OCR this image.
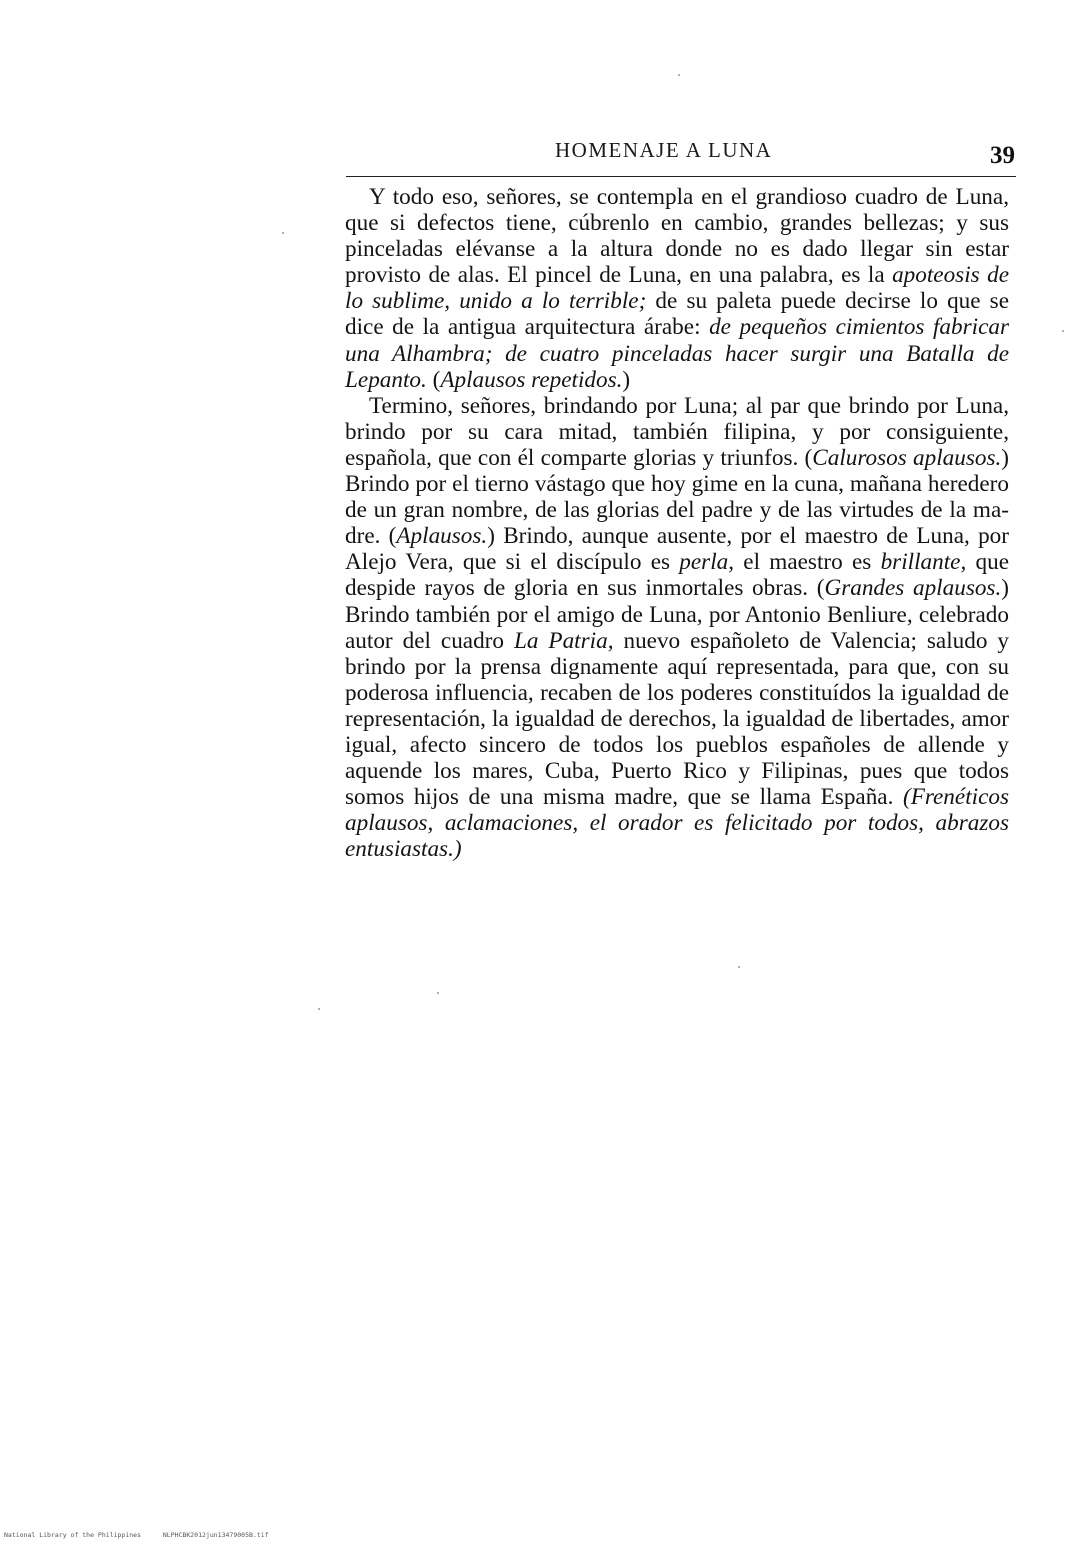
HOMENAJE A LUNA	39

Y todo eso, señores, se contempla en el grandioso cuadro de Luna, que si defectos tiene, cúbrenlo en cambio, grandes bellezas; y sus pinceladas elévanse a la altura donde no es dado llegar sin estar provisto de alas. El pincel de Luna, en una palabra, es la apoteosis de lo sublime, unido a lo terrible; de su paleta puede decirse lo que se dice de la antigua arquitectura árabe: de pequeños cimientos fabricar una Alhambra; de cuatro pinceladas hacer surgir una Batalla de Lepanto. (Aplausos repetidos.)

Termino, señores, brindando por Luna; al par que brindo por Luna, brindo por su cara mitad, también filipina, y por consiguiente, española, que con él comparte glorias y triunfos. (Calurosos aplausos.) Brindo por el tierno vástago que hoy gime en la cuna, mañana heredero de un gran nombre, de las glorias del padre y de las virtudes de la madre. (Aplausos.) Brindo, aunque ausente, por el maestro de Luna, por Alejo Vera, que si el discípulo es perla, el maestro es brillante, que despide rayos de gloria en sus inmortales obras. (Grandes aplausos.) Brindo también por el amigo de Luna, por Antonio Benliure, celebrado autor del cuadro La Patria, nuevo españoleto de Valencia; saludo y brindo por la prensa dignamente aquí representada, para que, con su poderosa influencia, recaben de los poderes constituídos la igualdad de representación, la igualdad de derechos, la igualdad de libertades, amor igual, afecto sincero de todos los pueblos españoles de allende y aquende los mares, Cuba, Puerto Rico y Filipinas, pues que todos somos hijos de una misma madre, que se llama España. (Frenéticos aplausos, aclamaciones, el orador es felicitado por todos, abrazos entusiastas.)

National Library of the Philippines	NLPHCBK2012jun13479005B.tif
